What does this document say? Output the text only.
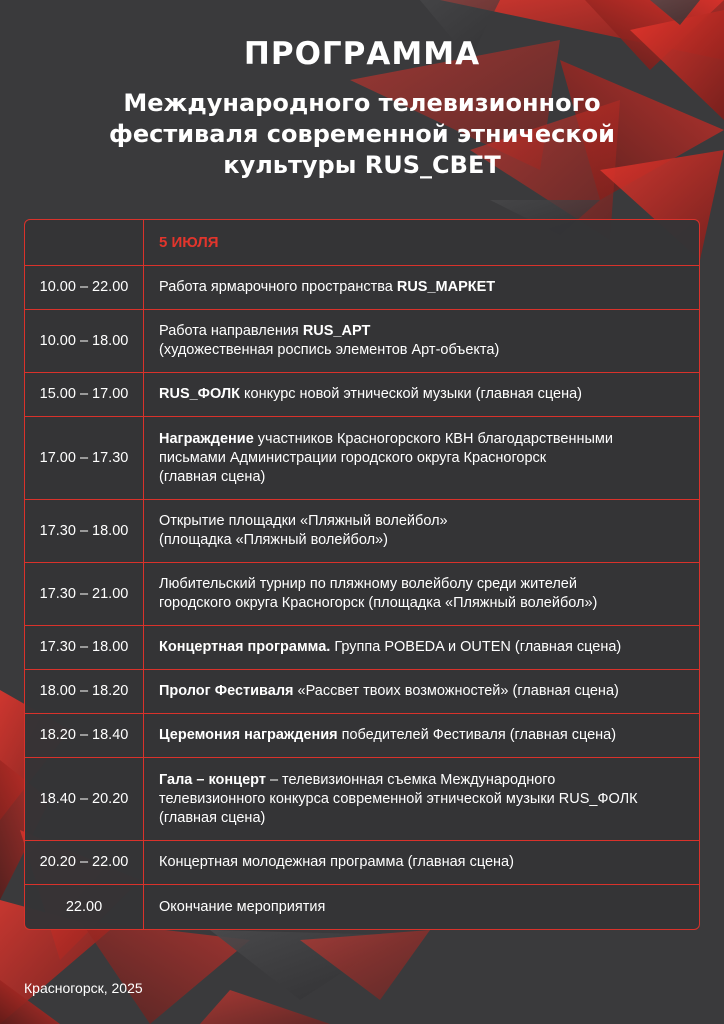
ПРОГРАММА
Международного телевизионного
фестиваля современной этнической
культуры RUS_СВЕТ
	5 ИЮЛЯ
10.00 – 22.00	Работа ярмарочного пространства RUS_МАРКЕТ

10.00 – 18.00	Работа направления RUS_АРТ
(художественная роспись элементов Арт-объекта)

15.00 – 17.00	RUS_ФОЛК конкурс новой этнической музыки (главная сцена)

17.00 – 17.30	Награждение участников Красногорского КВН благодарственными
письмами Администрации городского округа Красногорск
(главная сцена)

17.30 – 18.00	Открытие площадки «Пляжный волейбол»
(площадка «Пляжный волейбол»)

17.30 – 21.00	Любительский турнир по пляжному волейболу среди жителей
городского округа Красногорск (площадка «Пляжный волейбол»)

17.30 – 18.00	Концертная программа. Группа POBEDA и OUTEN (главная сцена)

18.00 – 18.20	Пролог Фестиваля «Рассвет твоих возможностей» (главная сцена)

18.20 – 18.40	Церемония награждения победителей Фестиваля (главная сцена)

18.40 – 20.20	Гала – концерт – телевизионная съемка Международного
телевизионного конкурса современной этнической музыки RUS_ФОЛК
(главная сцена)

20.20 – 22.00	Концертная молодежная программа (главная сцена)

22.00	Окончание мероприятия
Красногорск, 2025
